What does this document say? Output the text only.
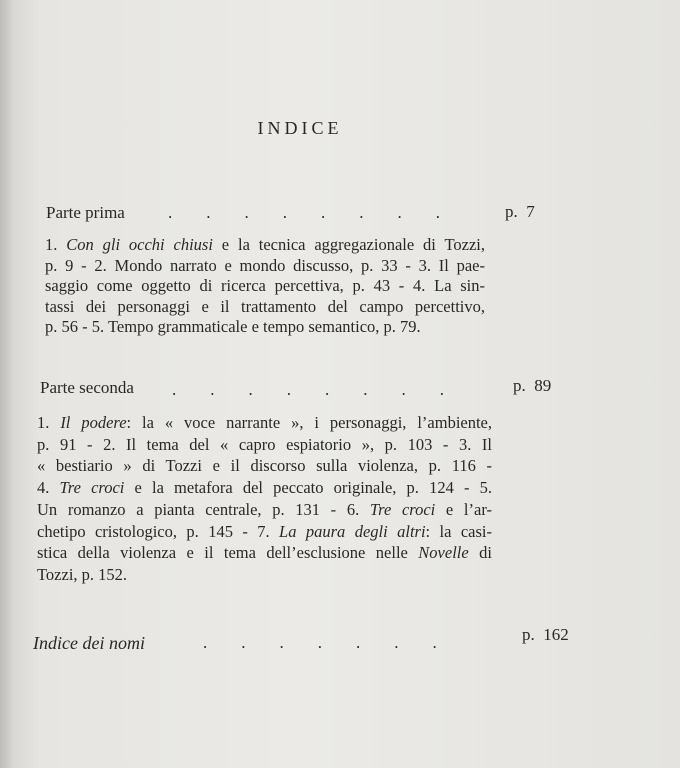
INDICE
Parte prima	.        .        .        .        .        .        .        .	p.  7
1. Con gli occhi chiusi e la tecnica aggregazionale di Tozzi,
p. 9 - 2. Mondo narrato e mondo discusso, p. 33 - 3. Il pae-
saggio come oggetto di ricerca percettiva, p. 43 - 4. La sin-
tassi dei personaggi e il trattamento del campo percettivo,
p. 56 - 5. Tempo grammaticale e tempo semantico, p. 79.
Parte seconda .        .        .        .        .        .        .        .	p.  89
1. Il podere: la « voce narrante », i personaggi, l’ambiente,
p. 91 - 2. Il tema del « capro espiatorio », p. 103 - 3. Il
« bestiario » di Tozzi e il discorso sulla violenza, p. 116 -
4. Tre croci e la metafora del peccato originale, p. 124 - 5.
Un romanzo a pianta centrale, p. 131 - 6. Tre croci e l’ar-
chetipo cristologico, p. 145 - 7. La paura degli altri: la casi-
stica della violenza e il tema dell’esclusione nelle Novelle di
Tozzi, p. 152.
Indice dei nomi	.        .        .        .        .        .        .	p.  162
